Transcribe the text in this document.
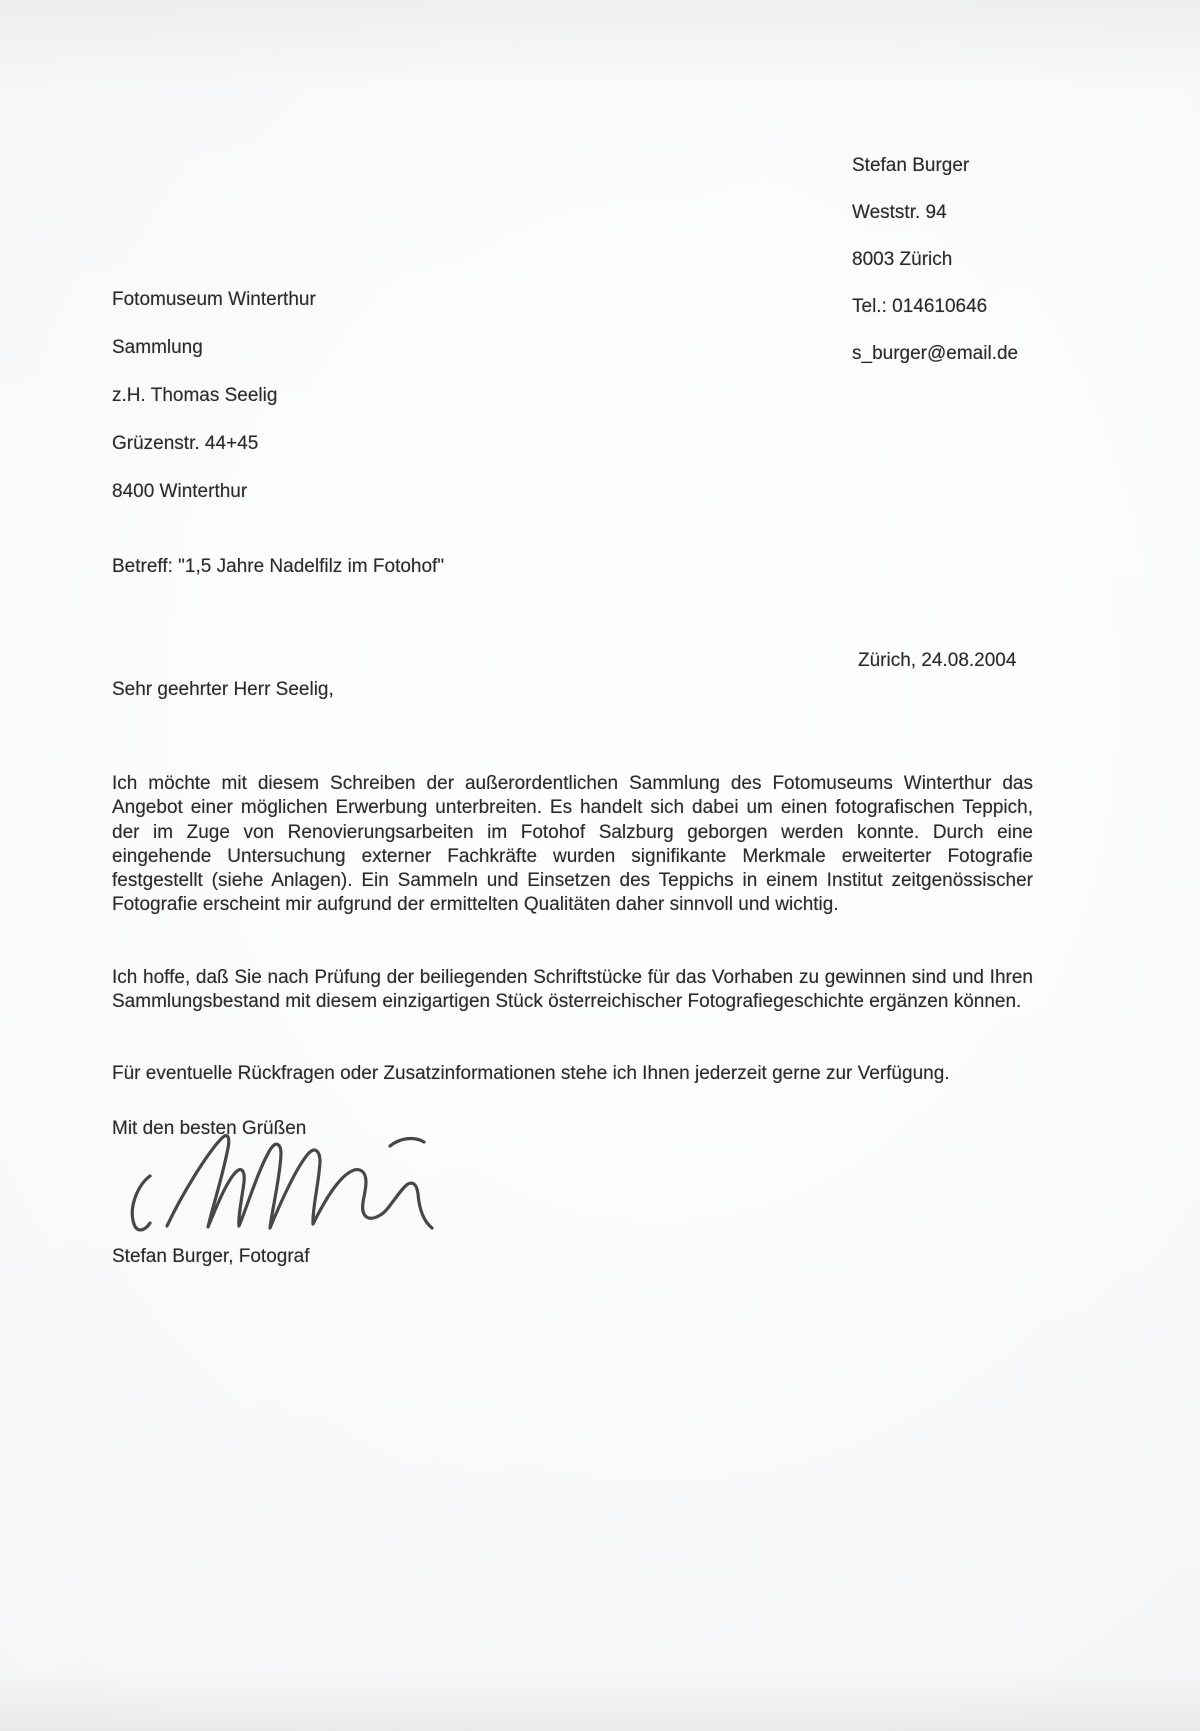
Stefan Burger

Weststr. 94

8003 Zürich

Tel.: 014610646

s_burger@email.de

Fotomuseum Winterthur

Sammlung

z.H. Thomas Seelig

Grüzenstr. 44+45

8400 Winterthur

Betreff: "1,5 Jahre Nadelfilz im Fotohof"
Zürich, 24.08.2004
Sehr geehrter Herr Seelig,

Ich möchte mit diesem Schreiben der außerordentlichen Sammlung des Fotomuseums Winterthur das Angebot einer möglichen Erwerbung unterbreiten. Es handelt sich dabei um einen fotografischen Teppich, der im Zuge von Renovierungsarbeiten im Fotohof Salzburg geborgen werden konnte. Durch eine eingehende Untersuchung externer Fachkräfte wurden signifikante Merkmale erweiterter Fotografie festgestellt (siehe Anlagen). Ein Sammeln und Einsetzen des Teppichs in einem Institut zeitgenössischer Fotografie erscheint mir aufgrund der ermittelten Qualitäten daher sinnvoll und wichtig.

Ich hoffe, daß Sie nach Prüfung der beiliegenden Schriftstücke für das Vorhaben zu gewinnen sind und Ihren Sammlungsbestand mit diesem einzigartigen Stück österreichischer Fotografiegeschichte ergänzen können.

Für eventuelle Rückfragen oder Zusatzinformationen stehe ich Ihnen jederzeit gerne zur Verfügung.

Mit den besten Grüßen
Stefan Burger, Fotograf
